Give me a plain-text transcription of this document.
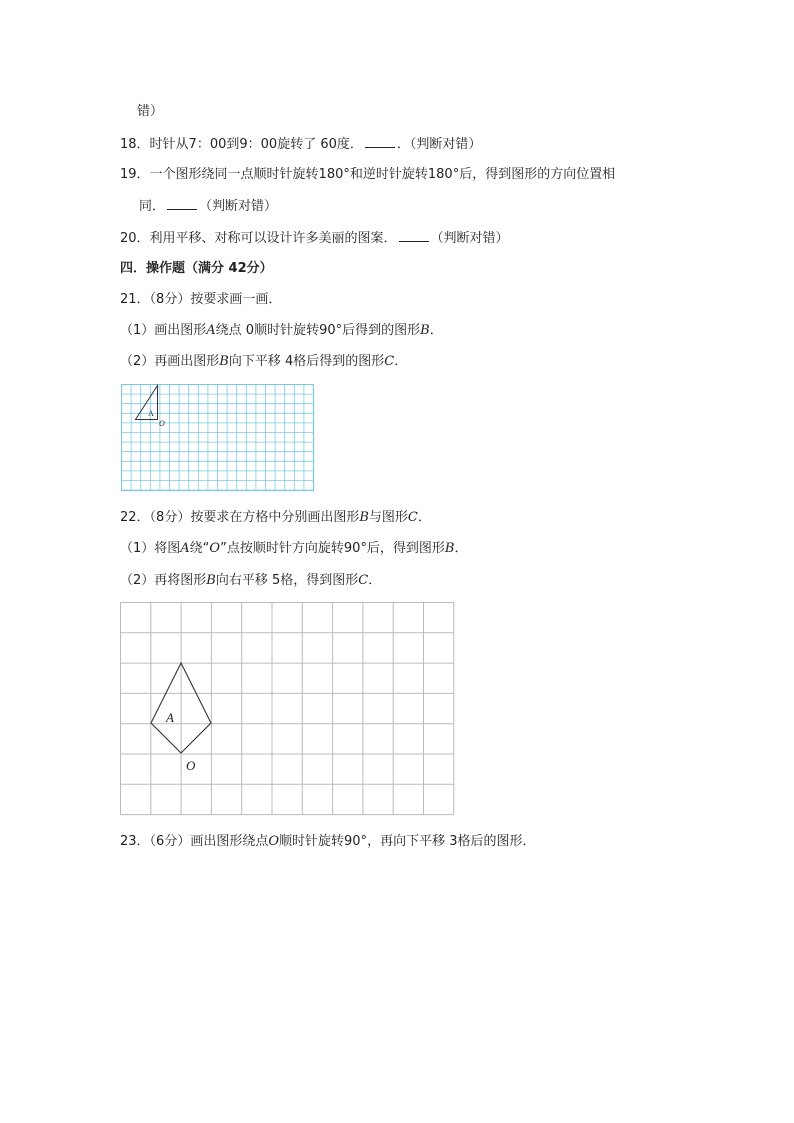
错）
18．时针从7：00到9：00旋转了 60度．	．（判断对错）
19．一个图形绕同一点顺时针旋转180°和逆时针旋转180°后，得到图形的方向位置相
同．	（判断对错）
20．利用平移、对称可以设计许多美丽的图案．	（判断对错）
四．操作题（满分 42分）
21．（8分）按要求画一画．
（1）画出图形A绕点 0顺时针旋转90°后得到的图形B．
（2）再画出图形B向下平移 4格后得到的图形C．
A
O
22．（8分）按要求在方格中分别画出图形B与图形C．
（1）将图A绕“O”点按顺时针方向旋转90°后，得到图形B．
（2）再将图形B向右平移 5格，得到图形C．
A
O
23．（6分）画出图形绕点O顺时针旋转90°，再向下平移 3格后的图形．
